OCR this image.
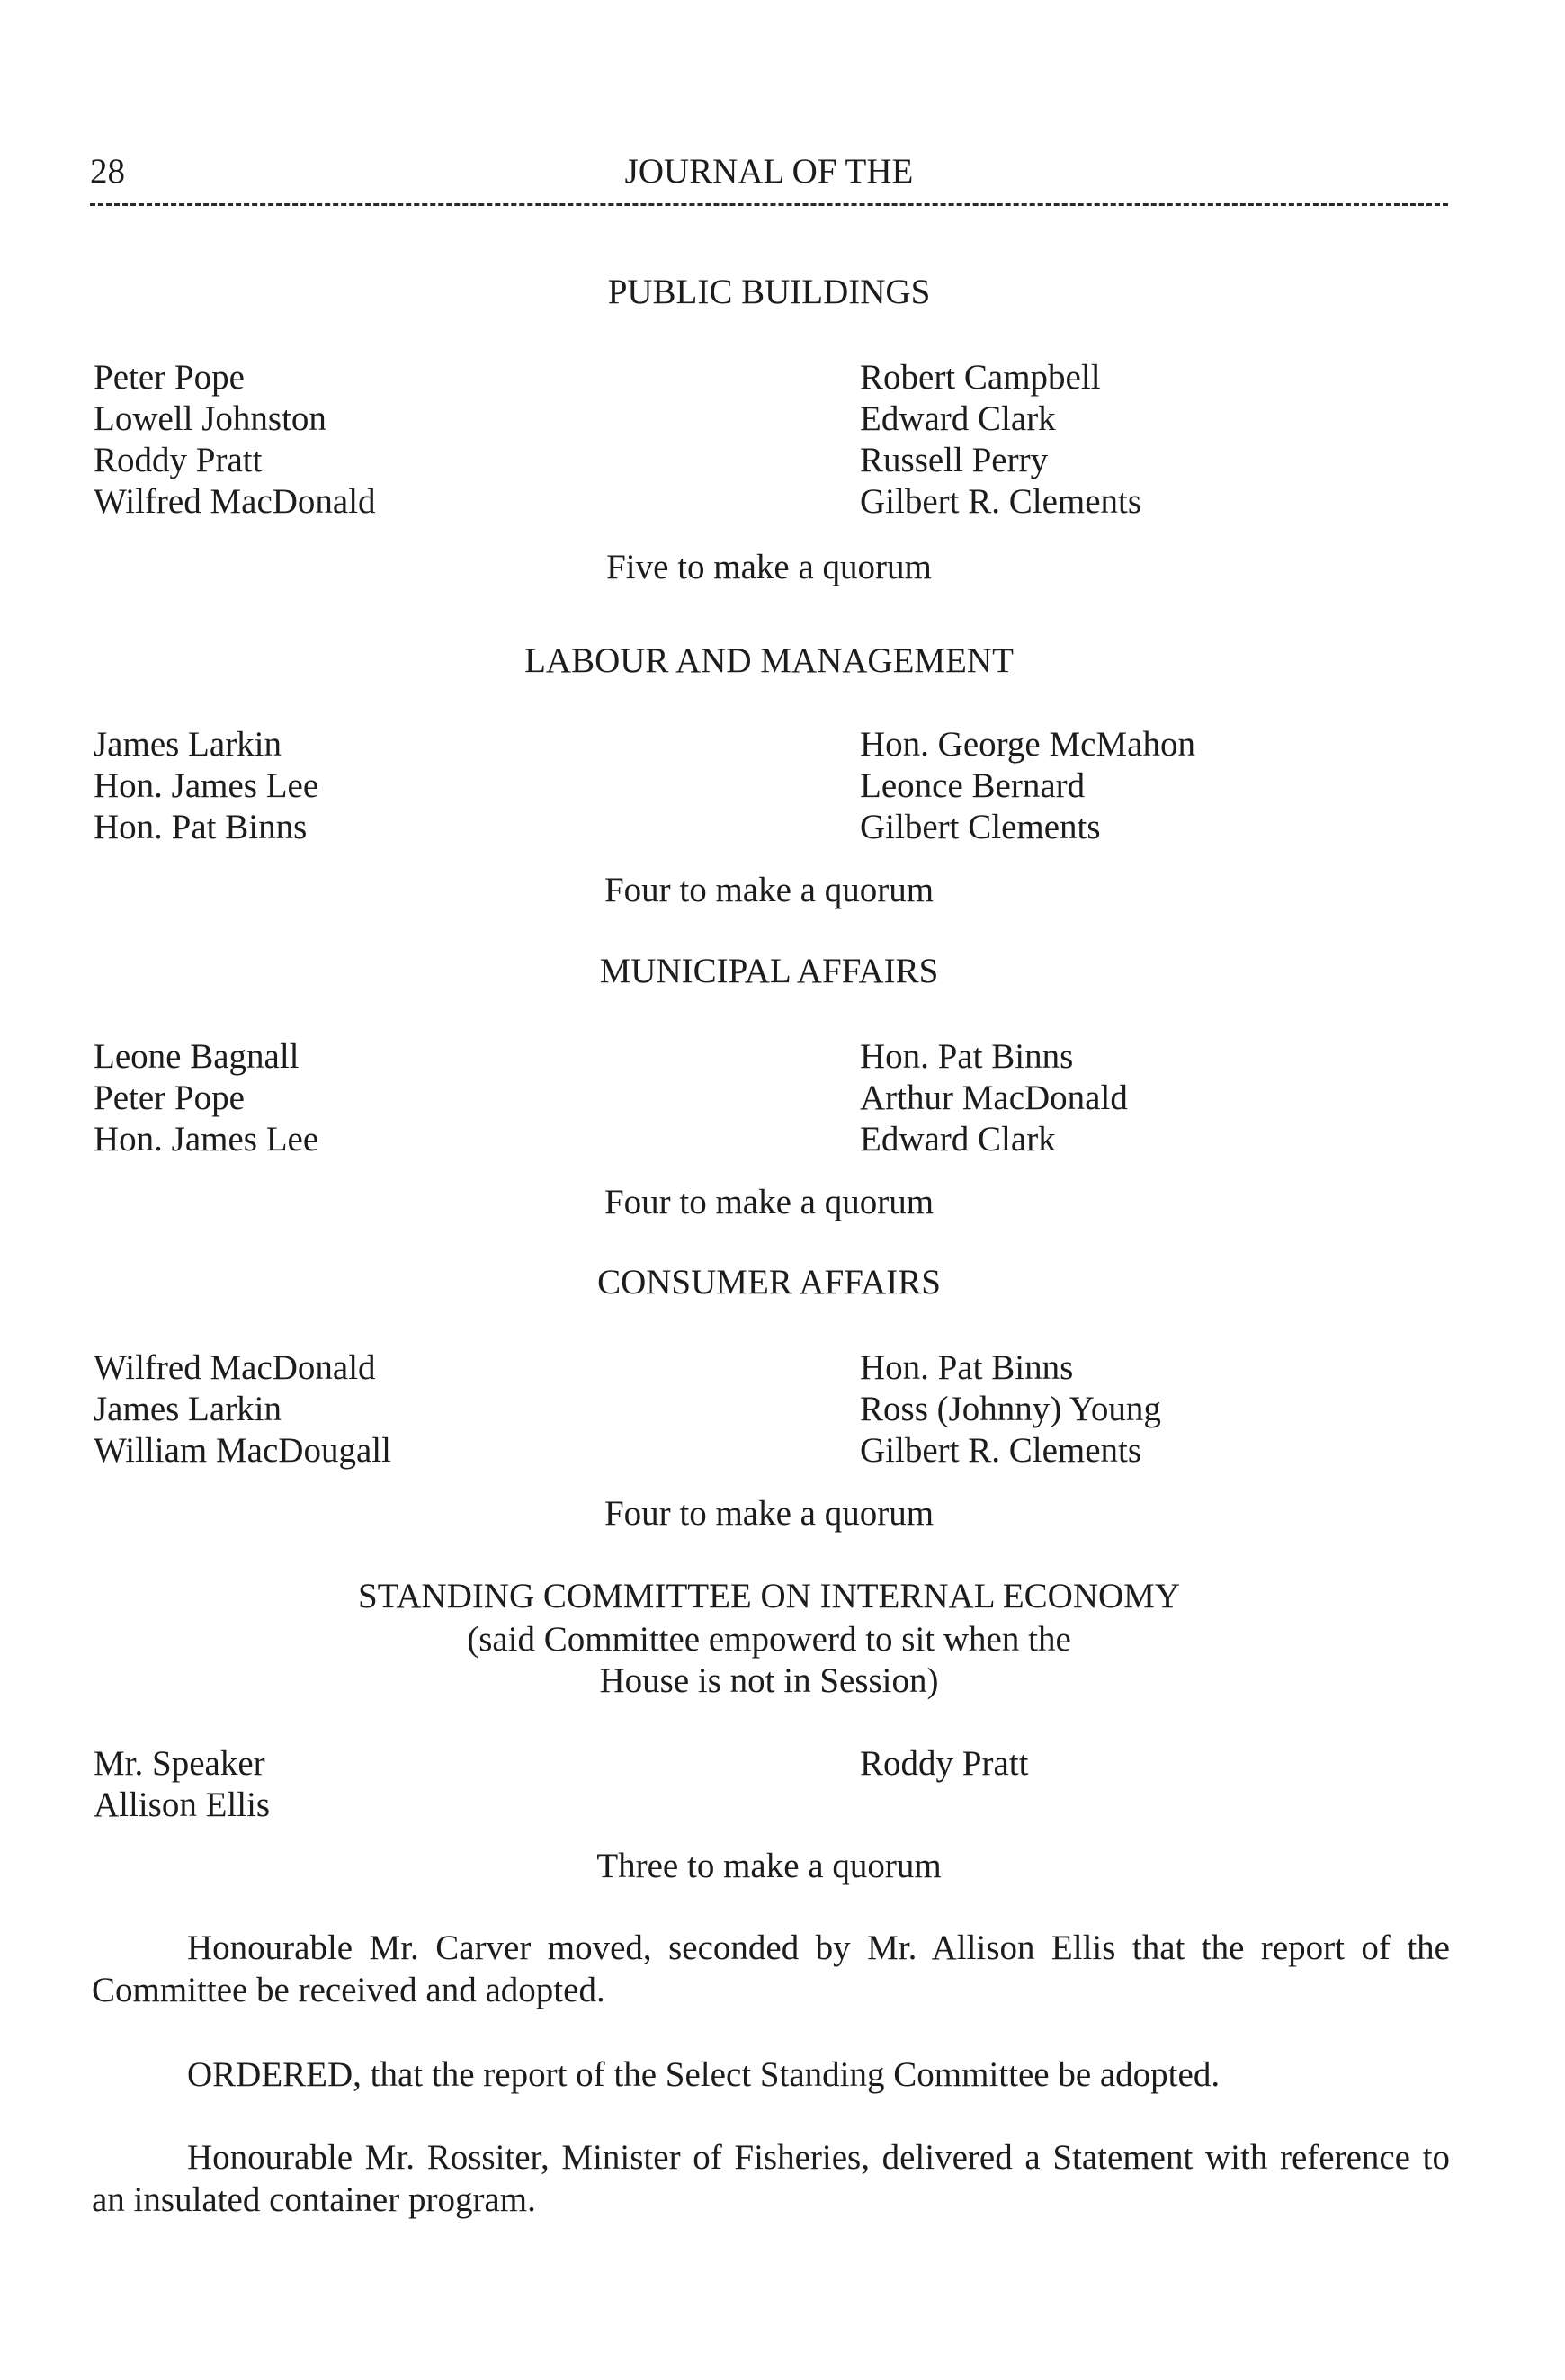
28	JOURNAL OF THE
PUBLIC BUILDINGS
Peter Pope
Lowell Johnston
Roddy Pratt
Wilfred MacDonald
Robert Campbell
Edward Clark
Russell Perry
Gilbert R. Clements
Five to make a quorum
LABOUR AND MANAGEMENT
James Larkin
Hon. James Lee
Hon. Pat Binns
Hon. George McMahon
Leonce Bernard
Gilbert Clements
Four to make a quorum
MUNICIPAL AFFAIRS
Leone Bagnall
Peter Pope
Hon. James Lee
Hon. Pat Binns
Arthur MacDonald
Edward Clark
Four to make a quorum
CONSUMER AFFAIRS
Wilfred MacDonald
James Larkin
William MacDougall
Hon. Pat Binns
Ross (Johnny) Young
Gilbert R. Clements
Four to make a quorum
STANDING COMMITTEE ON INTERNAL ECONOMY
(said Committee empowerd to sit when the
House is not in Session)
Mr. Speaker
Allison Ellis
Roddy Pratt
Three to make a quorum
Honourable Mr. Carver moved, seconded by Mr. Allison Ellis that the report of the Committee be received and adopted.
ORDERED, that the report of the Select Standing Committee be adopted.
Honourable Mr. Rossiter, Minister of Fisheries, delivered a Statement with reference to an insulated container program.
